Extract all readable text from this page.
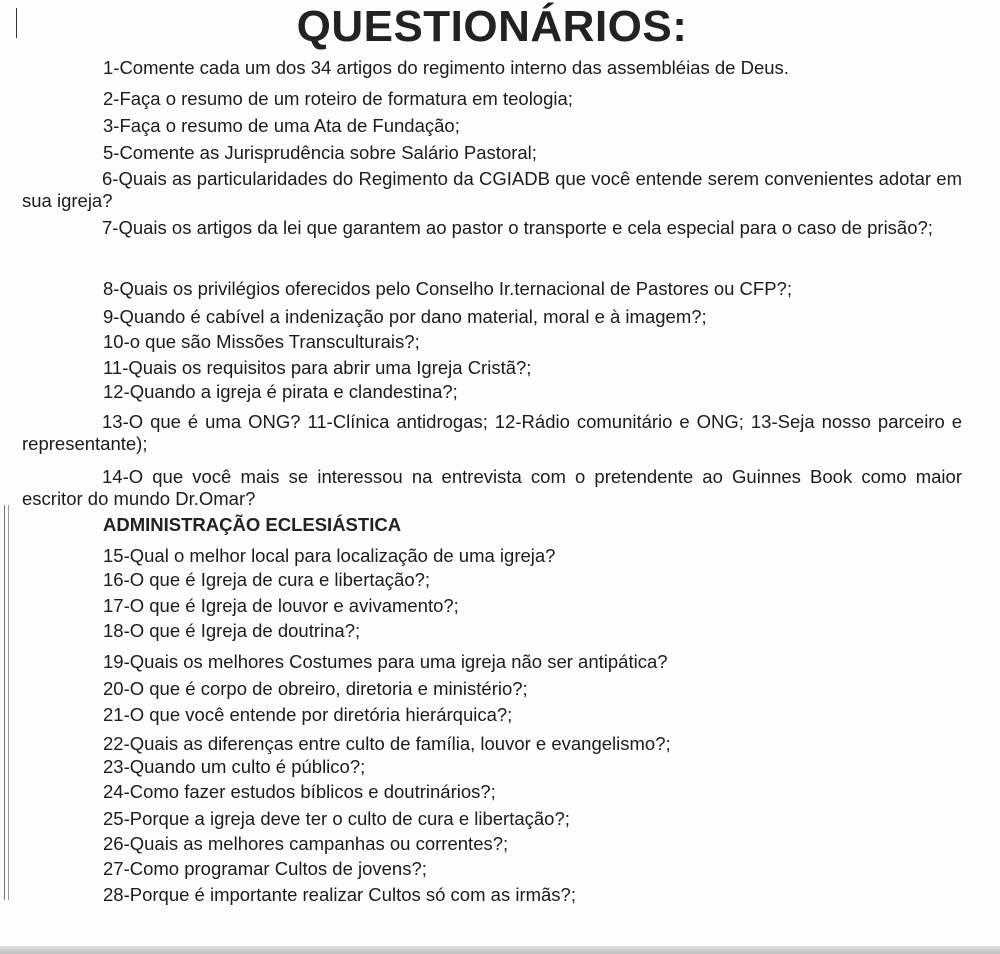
QUESTIONÁRIOS:
1-Comente cada um dos 34 artigos do regimento interno das assembléias de Deus.
2-Faça o resumo de um roteiro de formatura em teologia;
3-Faça o resumo de uma Ata de Fundação;
5-Comente as Jurisprudência sobre Salário Pastoral;
6-Quais as particularidades do Regimento da CGIADB que você entende serem convenientes adotar em sua igreja?
7-Quais os artigos da lei que garantem ao pastor o transporte e cela especial para o caso de prisão?;
8-Quais os privilégios oferecidos pelo Conselho Ir.ternacional de Pastores ou CFP?;
9-Quando é cabível a indenização por dano material, moral e à imagem?;
10-o que são Missões Transculturais?;
11-Quais os requisitos para abrir uma Igreja Cristã?;
12-Quando a igreja é pirata e clandestina?;
13-O que é uma ONG? 11-Clínica antidrogas; 12-Rádio comunitário e ONG; 13-Seja nosso parceiro e representante);
14-O que você mais se interessou na entrevista com o pretendente ao Guinnes Book como maior escritor do mundo Dr.Omar?
ADMINISTRAÇÃO ECLESIÁSTICA
15-Qual o melhor local para localização de uma igreja?
16-O que é Igreja de cura e libertação?;
17-O que é Igreja de louvor e avivamento?;
18-O que é Igreja de doutrina?;
19-Quais os melhores Costumes para uma igreja não ser antipática?
20-O que é corpo de obreiro, diretoria e ministério?;
21-O que você entende por diretória hierárquica?;
22-Quais as diferenças entre culto de família, louvor e evangelismo?;
23-Quando um culto é público?;
24-Como fazer estudos bíblicos e doutrinários?;
25-Porque a igreja deve ter o culto de cura e libertação?;
26-Quais as melhores campanhas ou correntes?;
27-Como programar Cultos de jovens?;
28-Porque é importante realizar Cultos só com as irmãs?;
